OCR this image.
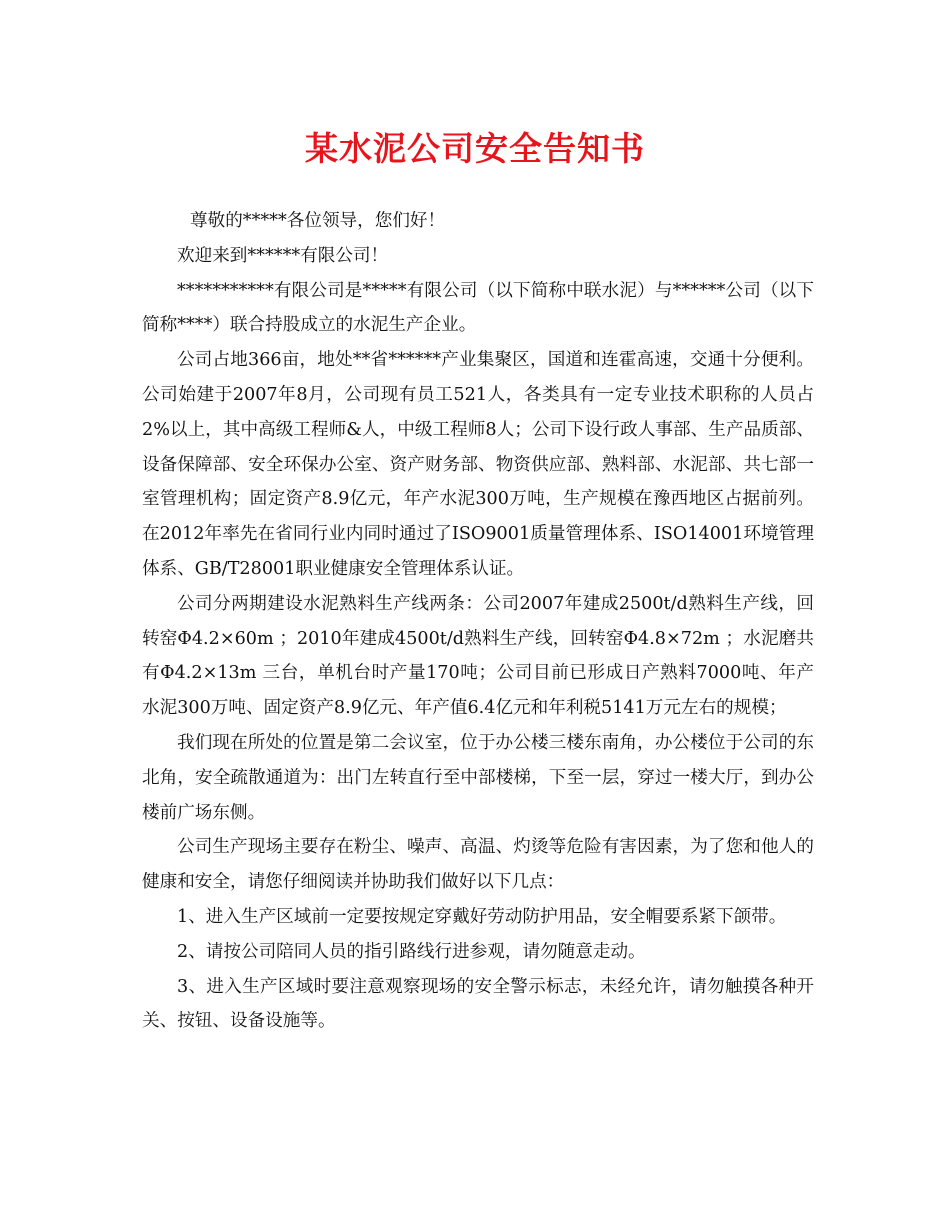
某水泥公司安全告知书

尊敬的*****各位领导，您们好！

欢迎来到******有限公司！

***********有限公司是*****有限公司（以下简称中联水泥）与******公司（以下简称****）联合持股成立的水泥生产企业。

公司占地366亩，地处**省******产业集聚区，国道和连霍高速，交通十分便利。公司始建于2007年8月，公司现有员工521人，各类具有一定专业技术职称的人员占2%以上，其中高级工程师&人，中级工程师8人；公司下设行政人事部、生产品质部、设备保障部、安全环保办公室、资产财务部、物资供应部、熟料部、水泥部、共七部一室管理机构；固定资产8.9亿元，年产水泥300万吨，生产规模在豫西地区占据前列。在2012年率先在省同行业内同时通过了ISO9001质量管理体系、ISO14001环境管理体系、GB/T28001职业健康安全管理体系认证。

公司分两期建设水泥熟料生产线两条：公司2007年建成2500t/d熟料生产线，回转窑Φ4.2×60m ；2010年建成4500t/d熟料生产线，回转窑Φ4.8×72m ；水泥磨共有Φ4.2×13m 三台，单机台时产量170吨；公司目前已形成日产熟料7000吨、年产水泥300万吨、固定资产8.9亿元、年产值6.4亿元和年利税5141万元左右的规模；

我们现在所处的位置是第二会议室，位于办公楼三楼东南角，办公楼位于公司的东北角，安全疏散通道为：出门左转直行至中部楼梯，下至一层，穿过一楼大厅，到办公楼前广场东侧。

公司生产现场主要存在粉尘、噪声、高温、灼烫等危险有害因素，为了您和他人的健康和安全，请您仔细阅读并协助我们做好以下几点：

1、进入生产区域前一定要按规定穿戴好劳动防护用品，安全帽要系紧下颌带。

2、请按公司陪同人员的指引路线行进参观，请勿随意走动。

3、进入生产区域时要注意观察现场的安全警示标志，未经允许，请勿触摸各种开关、按钮、设备设施等。
